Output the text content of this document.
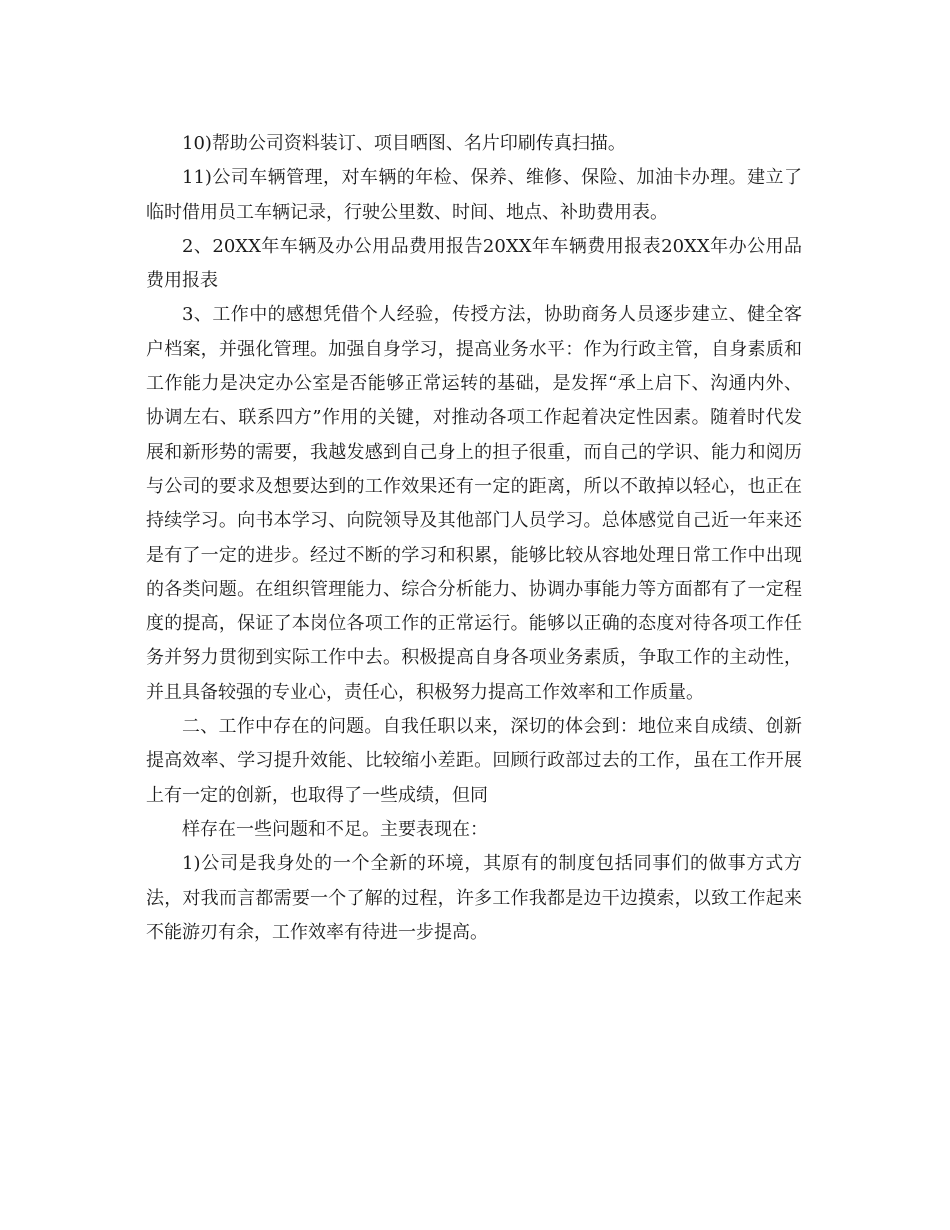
10)帮助公司资料装订、项目晒图、名片印刷传真扫描。

11)公司车辆管理，对车辆的年检、保养、维修、保险、加油卡办理。建立了临时借用员工车辆记录，行驶公里数、时间、地点、补助费用表。

2、20XX年车辆及办公用品费用报告20XX年车辆费用报表20XX年办公用品费用报表

3、工作中的感想凭借个人经验，传授方法，协助商务人员逐步建立、健全客户档案，并强化管理。加强自身学习，提高业务水平：作为行政主管，自身素质和工作能力是决定办公室是否能够正常运转的基础，是发挥“承上启下、沟通内外、协调左右、联系四方”作用的关键，对推动各项工作起着决定性因素。随着时代发展和新形势的需要，我越发感到自己身上的担子很重，而自己的学识、能力和阅历与公司的要求及想要达到的工作效果还有一定的距离，所以不敢掉以轻心，也正在持续学习。向书本学习、向院领导及其他部门人员学习。总体感觉自己近一年来还是有了一定的进步。经过不断的学习和积累，能够比较从容地处理日常工作中出现的各类问题。在组织管理能力、综合分析能力、协调办事能力等方面都有了一定程度的提高，保证了本岗位各项工作的正常运行。能够以正确的态度对待各项工作任务并努力贯彻到实际工作中去。积极提高自身各项业务素质，争取工作的主动性，并且具备较强的专业心，责任心，积极努力提高工作效率和工作质量。

二、工作中存在的问题。自我任职以来，深切的体会到：地位来自成绩、创新提高效率、学习提升效能、比较缩小差距。回顾行政部过去的工作，虽在工作开展上有一定的创新，也取得了一些成绩，但同

样存在一些问题和不足。主要表现在：

1)公司是我身处的一个全新的环境，其原有的制度包括同事们的做事方式方法，对我而言都需要一个了解的过程，许多工作我都是边干边摸索，以致工作起来不能游刃有余，工作效率有待进一步提高。
